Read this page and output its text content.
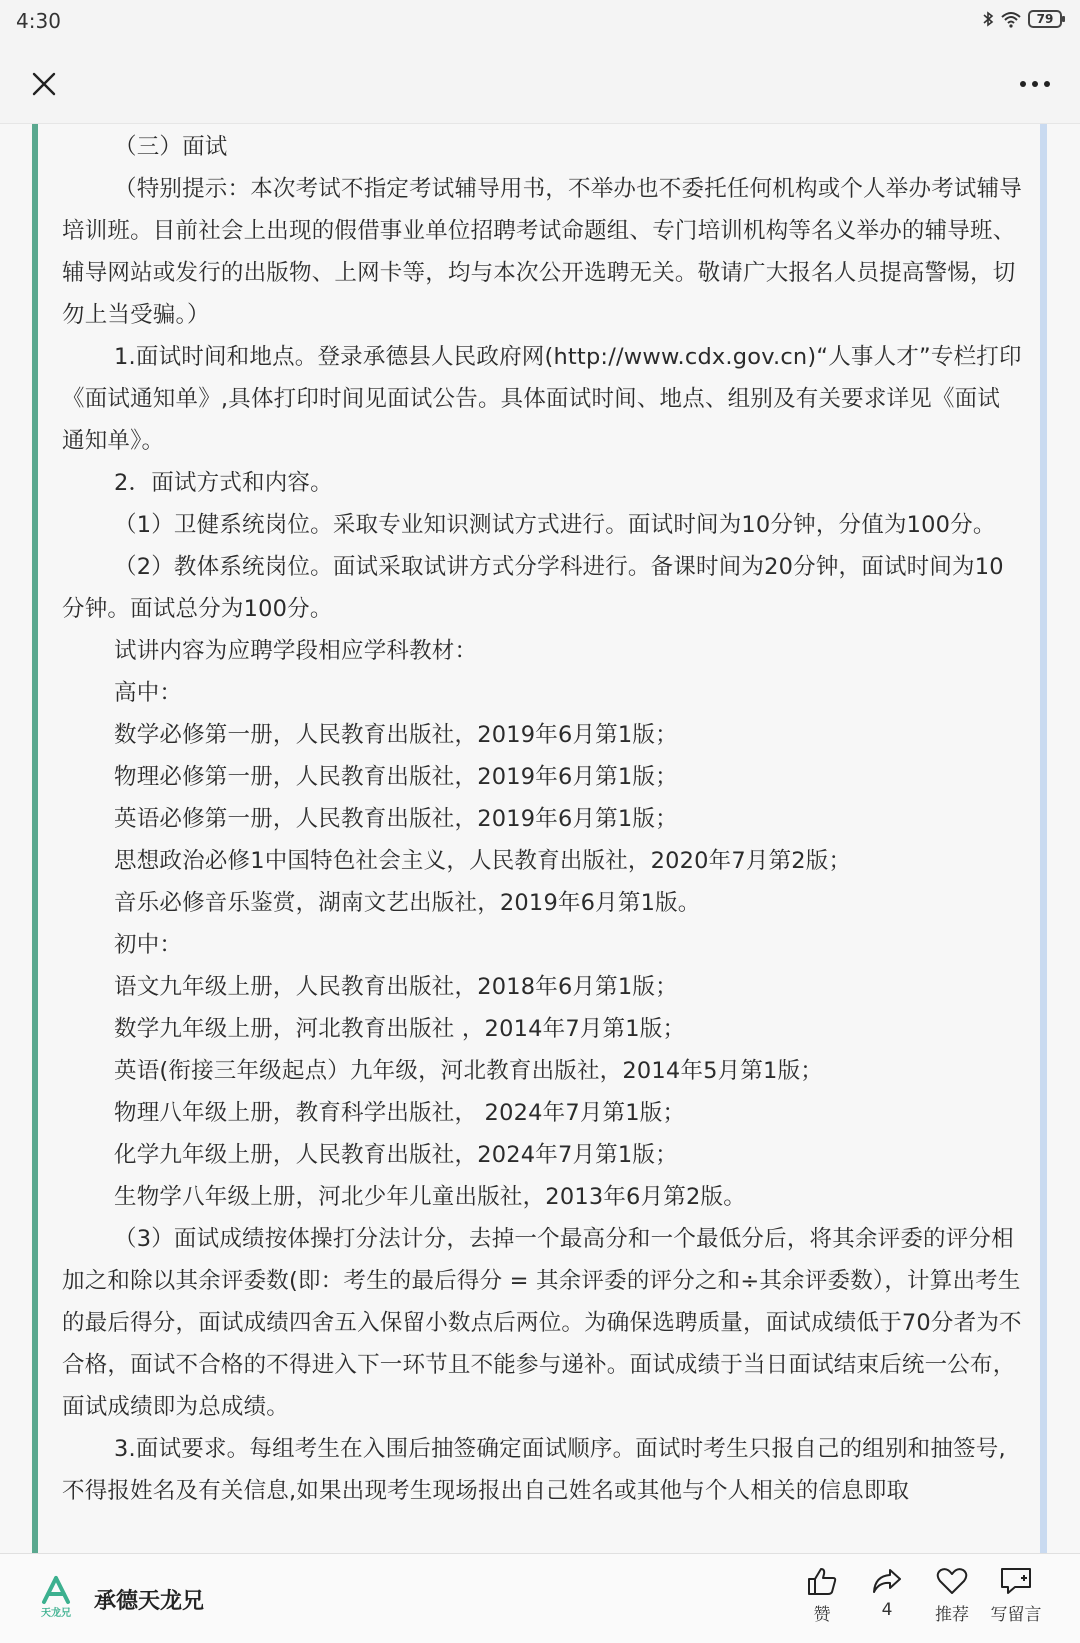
4:30	79

（三）面试

（特别提示：本次考试不指定考试辅导用书，不举办也不委托任何机构或个人举办考试辅导培训班。目前社会上出现的假借事业单位招聘考试命题组、专门培训机构等名义举办的辅导班、辅导网站或发行的出版物、上网卡等，均与本次公开选聘无关。敬请广大报名人员提高警惕，切勿上当受骗。）

1.面试时间和地点。登录承德县人民政府网(http://www.cdx.gov.cn)“人事人才”专栏打印《面试通知单》,具体打印时间见面试公告。具体面试时间、地点、组别及有关要求详见《面试通知单》。

2．面试方式和内容。

（1）卫健系统岗位。采取专业知识测试方式进行。面试时间为10分钟，分值为100分。

（2）教体系统岗位。面试采取试讲方式分学科进行。备课时间为20分钟，面试时间为10分钟。面试总分为100分。

试讲内容为应聘学段相应学科教材：

高中：

数学必修第一册，人民教育出版社，2019年6月第1版；

物理必修第一册，人民教育出版社，2019年6月第1版；

英语必修第一册，人民教育出版社，2019年6月第1版；

思想政治必修1中国特色社会主义，人民教育出版社，2020年7月第2版；

音乐必修音乐鉴赏，湖南文艺出版社，2019年6月第1版。

初中：

语文九年级上册，人民教育出版社，2018年6月第1版；

数学九年级上册，河北教育出版社 ，2014年7月第1版；

英语(衔接三年级起点）九年级，河北教育出版社，2014年5月第1版；

物理八年级上册，教育科学出版社， 2024年7月第1版；

化学九年级上册，人民教育出版社，2024年7月第1版；

生物学八年级上册，河北少年儿童出版社，2013年6月第2版。

（3）面试成绩按体操打分法计分，去掉一个最高分和一个最低分后，将其余评委的评分相加之和除以其余评委数(即：考生的最后得分 = 其余评委的评分之和÷其余评委数），计算出考生的最后得分，面试成绩四舍五入保留小数点后两位。为确保选聘质量，面试成绩低于70分者为不合格，面试不合格的不得进入下一环节且不能参与递补。面试成绩于当日面试结束后统一公布，面试成绩即为总成绩。

3.面试要求。每组考生在入围后抽签确定面试顺序。面试时考生只报自己的组别和抽签号,不得报姓名及有关信息,如果出现考生现场报出自己姓名或其他与个人相关的信息即取

天龙兄 承德天龙兄
赞	4	推荐	写留言
